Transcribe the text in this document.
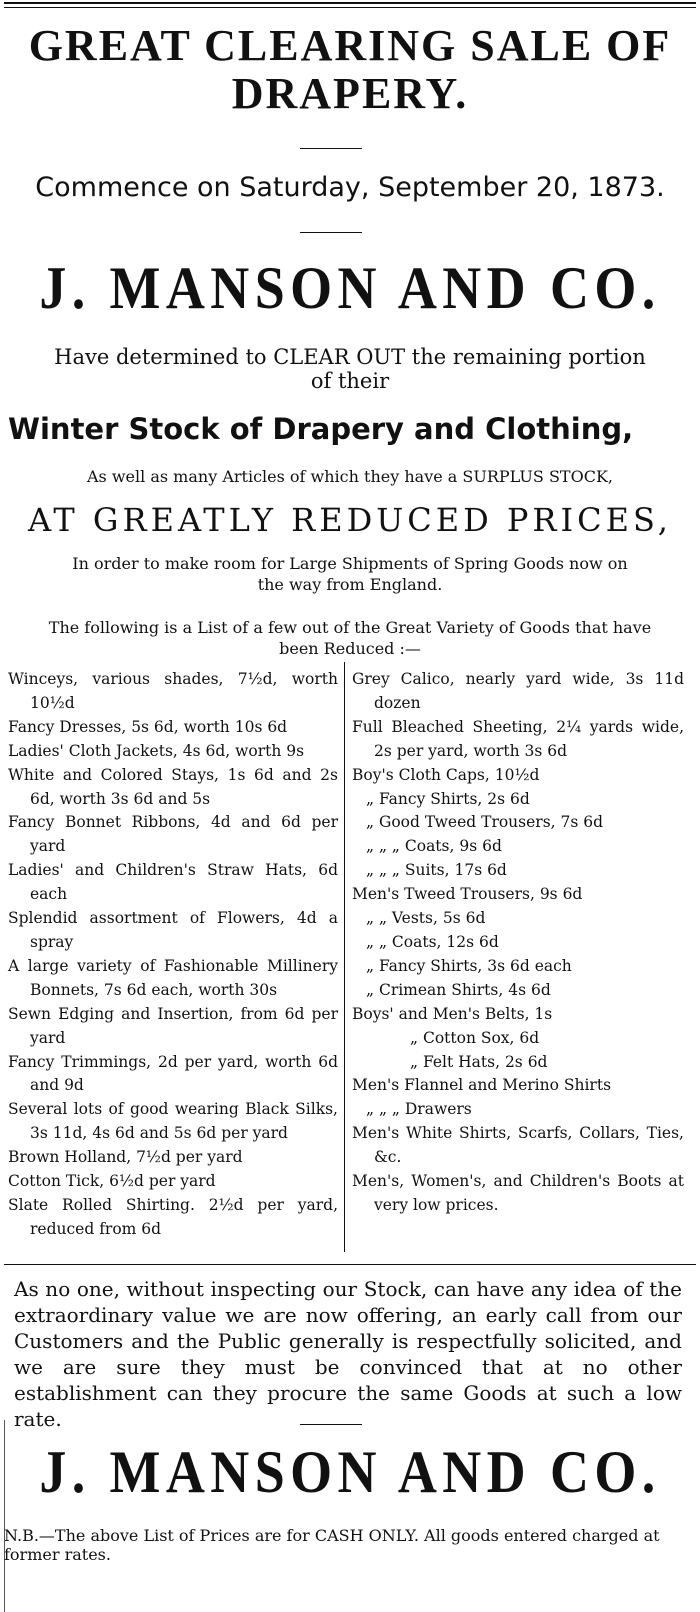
GREAT CLEARING SALE OF
DRAPERY.
Commence on Saturday, September 20, 1873.
J. MANSON AND CO.
Have determined to CLEAR OUT the remaining portion
of their
Winter Stock of Drapery and Clothing,
As well as many Articles of which they have a SURPLUS STOCK,
AT GREATLY REDUCED PRICES,
In order to make room for Large Shipments of Spring Goods now on
the way from England.
The following is a List of a few out of the Great Variety of Goods that have
been Reduced :—
Winceys, various shades, 7½d, worth 10½d
Fancy Dresses, 5s 6d, worth 10s 6d
Ladies' Cloth Jackets, 4s 6d, worth 9s
White and Colored Stays, 1s 6d and 2s 6d, worth 3s 6d and 5s
Fancy Bonnet Ribbons, 4d and 6d per yard
Ladies' and Children's Straw Hats, 6d each
Splendid assortment of Flowers, 4d a spray
A large variety of Fashionable Millinery Bonnets, 7s 6d each, worth 30s
Sewn Edging and Insertion, from 6d per yard
Fancy Trimmings, 2d per yard, worth 6d and 9d
Several lots of good wearing Black Silks, 3s 11d, 4s 6d and 5s 6d per yard
Brown Holland, 7½d per yard
Cotton Tick, 6½d per yard
Slate Rolled Shirting. 2½d per yard, reduced from 6d
Grey Calico, nearly yard wide, 3s 11d dozen
Full Bleached Sheeting, 2¼ yards wide, 2s per yard, worth 3s 6d
Boy's Cloth Caps, 10½d
„ Fancy Shirts, 2s 6d
„ Good Tweed Trousers, 7s 6d
„ „ „ Coats, 9s 6d
„ „ „ Suits, 17s 6d
Men's Tweed Trousers, 9s 6d
„ „ Vests, 5s 6d
„ „ Coats, 12s 6d
„ Fancy Shirts, 3s 6d each
„ Crimean Shirts, 4s 6d
Boys' and Men's Belts, 1s
„ Cotton Sox, 6d
„ Felt Hats, 2s 6d
Men's Flannel and Merino Shirts
„ „ „ Drawers
Men's White Shirts, Scarfs, Collars, Ties, &c.
Men's, Women's, and Children's Boots at very low prices.
As no one, without inspecting our Stock, can have any idea of the extraordinary value we are now offering, an early call from our Customers and the Public generally is respectfully solicited, and we are sure they must be convinced that at no other establishment can they procure the same Goods at such a low rate.
J. MANSON AND CO.
N.B.—The above List of Prices are for CASH ONLY. All goods entered charged at former rates.
